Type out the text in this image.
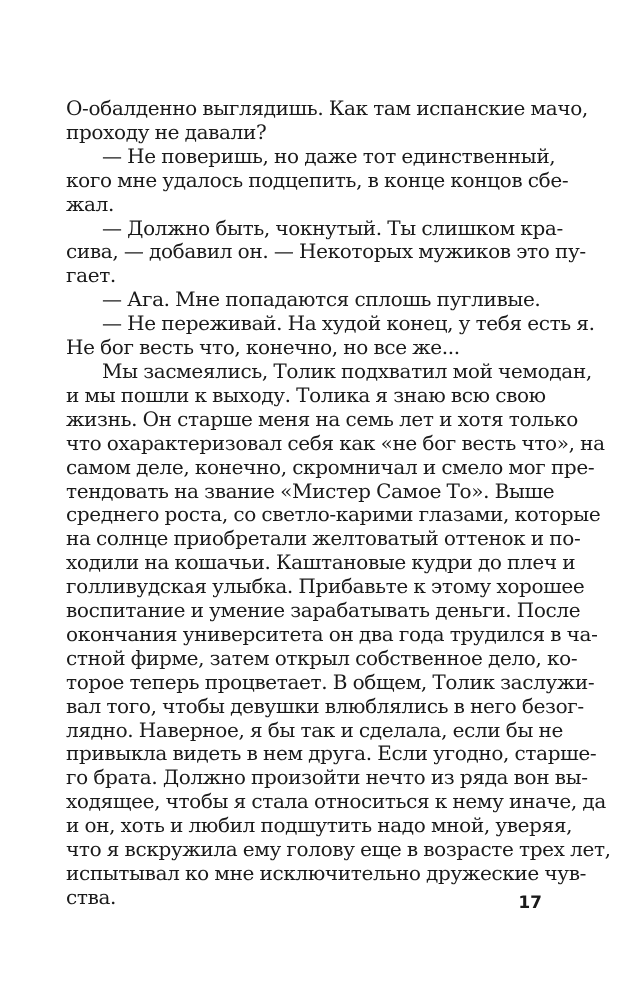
О-обалденно выглядишь. Как там испанские мачо,
проходу не давали?
— Не поверишь, но даже тот единственный,
кого мне удалось подцепить, в конце концов сбе-
жал.
— Должно быть, чокнутый. Ты слишком кра-
сива, — добавил он. — Некоторых мужиков это пу-
гает.
— Ага. Мне попадаются сплошь пугливые.
— Не переживай. На худой конец, у тебя есть я.
Не бог весть что, конечно, но все же...
Мы засмеялись, Толик подхватил мой чемодан,
и мы пошли к выходу. Толика я знаю всю свою
жизнь. Он старше меня на семь лет и хотя только
что охарактеризовал себя как «не бог весть что», на
самом деле, конечно, скромничал и смело мог пре-
тендовать на звание «Мистер Самое То». Выше
среднего роста, со светло-карими глазами, которые
на солнце приобретали желтоватый оттенок и по-
ходили на кошачьи. Каштановые кудри до плеч и
голливудская улыбка. Прибавьте к этому хорошее
воспитание и умение зарабатывать деньги. После
окончания университета он два года трудился в ча-
стной фирме, затем открыл собственное дело, ко-
торое теперь процветает. В общем, Толик заслужи-
вал того, чтобы девушки влюблялись в него безог-
лядно. Наверное, я бы так и сделала, если бы не
привыкла видеть в нем друга. Если угодно, старше-
го брата. Должно произойти нечто из ряда вон вы-
ходящее, чтобы я стала относиться к нему иначе, да
и он, хоть и любил подшутить надо мной, уверяя,
что я вскружила ему голову еще в возрасте трех лет,
испытывал ко мне исключительно дружеские чув-
ства.	17
